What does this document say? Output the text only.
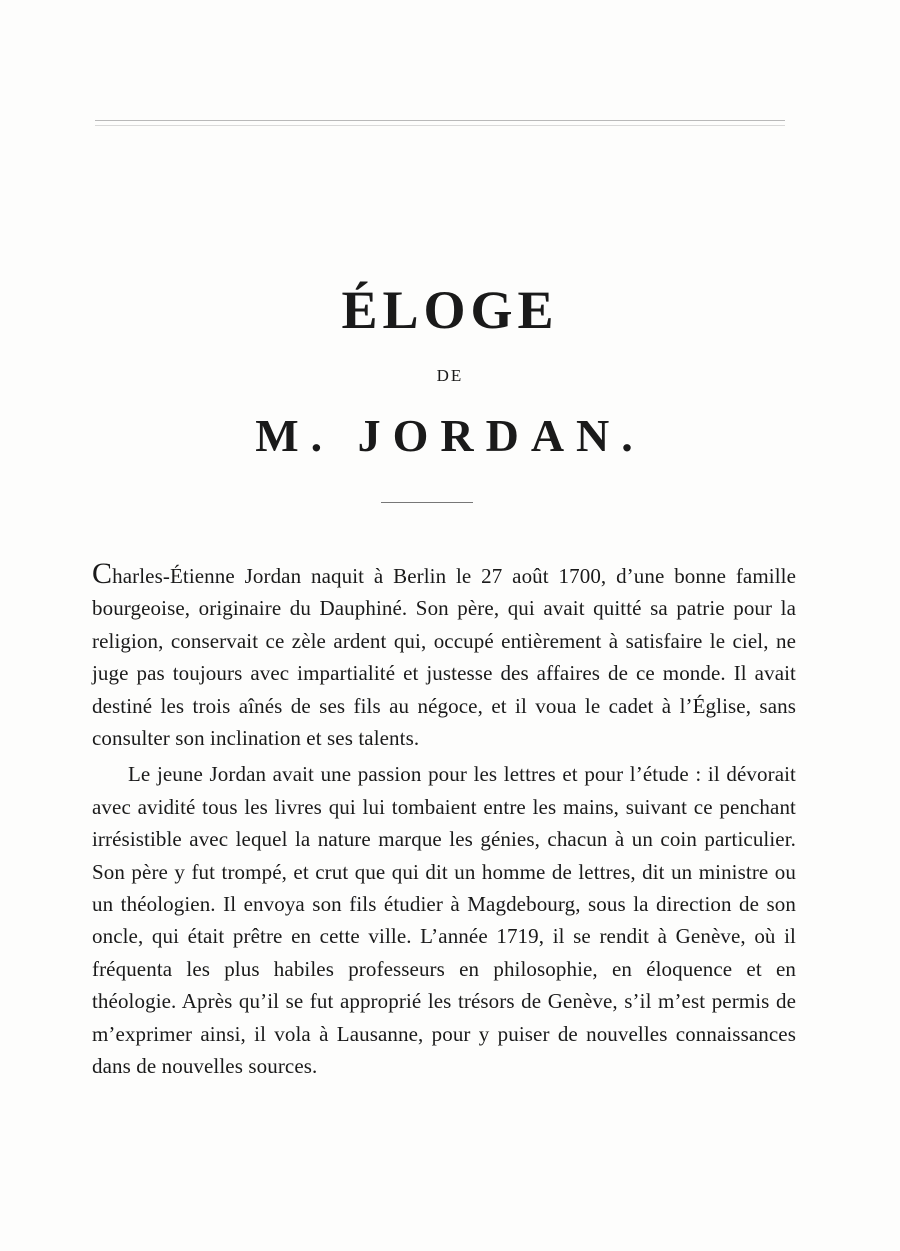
ÉLOGE
DE
M. JORDAN.

Charles-Étienne Jordan naquit à Berlin le 27 août 1700, d’une bonne famille bourgeoise, originaire du Dauphiné. Son père, qui avait quitté sa patrie pour la religion, conservait ce zèle ardent qui, occupé entièrement à satisfaire le ciel, ne juge pas toujours avec impartialité et justesse des affaires de ce monde. Il avait destiné les trois aînés de ses fils au négoce, et il voua le cadet à l’Église, sans consulter son inclination et ses talents.

Le jeune Jordan avait une passion pour les lettres et pour l’étude : il dévorait avec avidité tous les livres qui lui tombaient entre les mains, suivant ce penchant irrésistible avec lequel la nature marque les génies, chacun à un coin particulier. Son père y fut trompé, et crut que qui dit un homme de lettres, dit un ministre ou un théologien. Il envoya son fils étudier à Magdebourg, sous la direction de son oncle, qui était prêtre en cette ville. L’année 1719, il se rendit à Genève, où il fréquenta les plus habiles professeurs en philosophie, en éloquence et en théologie. Après qu’il se fut approprié les trésors de Genève, s’il m’est permis de m’exprimer ainsi, il vola à Lausanne, pour y puiser de nouvelles connaissances dans de nouvelles sources.
